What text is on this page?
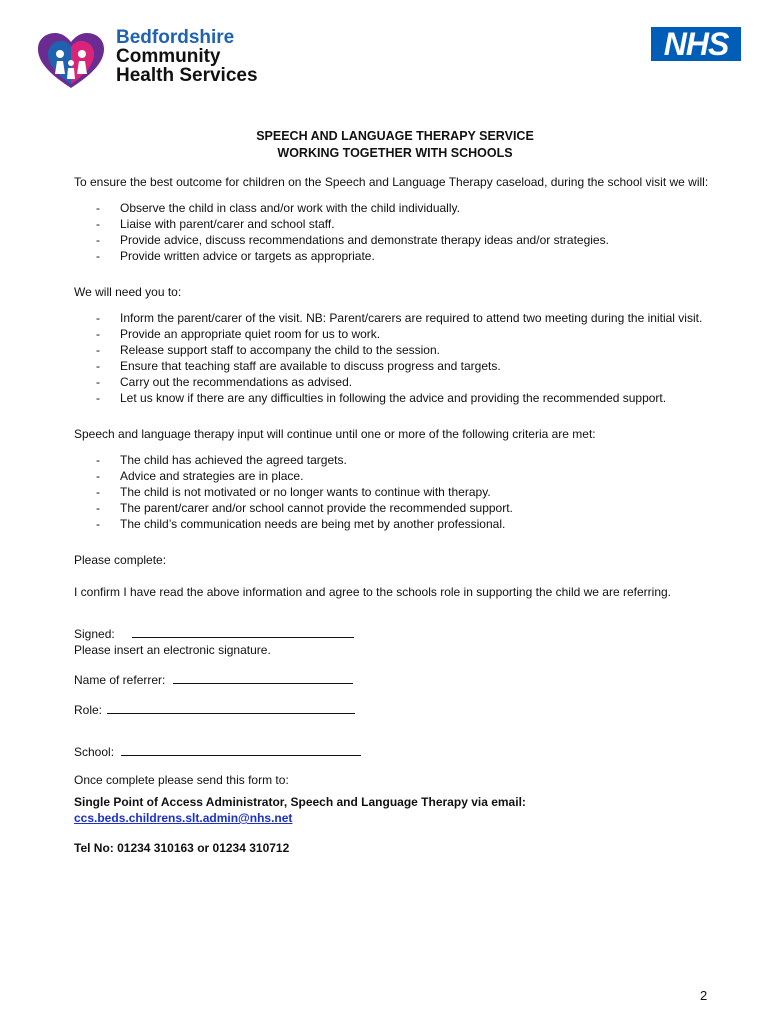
Bedfordshire
Community
Health Services
NHS
SPEECH AND LANGUAGE THERAPY SERVICE
WORKING TOGETHER WITH SCHOOLS

To ensure the best outcome for children on the Speech and Language Therapy caseload, during the school visit we will:

- Observe the child in class and/or work with the child individually.
- Liaise with parent/carer and school staff.
- Provide advice, discuss recommendations and demonstrate therapy ideas and/or strategies.
- Provide written advice or targets as appropriate.

We will need you to:

- Inform the parent/carer of the visit. NB: Parent/carers are required to attend two meeting during the initial visit.
- Provide an appropriate quiet room for us to work.
- Release support staff to accompany the child to the session.
- Ensure that teaching staff are available to discuss progress and targets.
- Carry out the recommendations as advised.
- Let us know if there are any difficulties in following the advice and providing the recommended support.

Speech and language therapy input will continue until one or more of the following criteria are met:

- The child has achieved the agreed targets.
- Advice and strategies are in place.
- The child is not motivated or no longer wants to continue with therapy.
- The parent/carer and/or school cannot provide the recommended support.
- The child’s communication needs are being met by another professional.

Please complete:

I confirm I have read the above information and agree to the schools role in supporting the child we are referring.

Signed:

Please insert an electronic signature.

Name of referrer:

Role:

School:

Once complete please send this form to:

Single Point of Access Administrator, Speech and Language Therapy via email:

ccs.beds.childrens.slt.admin@nhs.net

Tel No: 01234 310163 or 01234 310712

2
